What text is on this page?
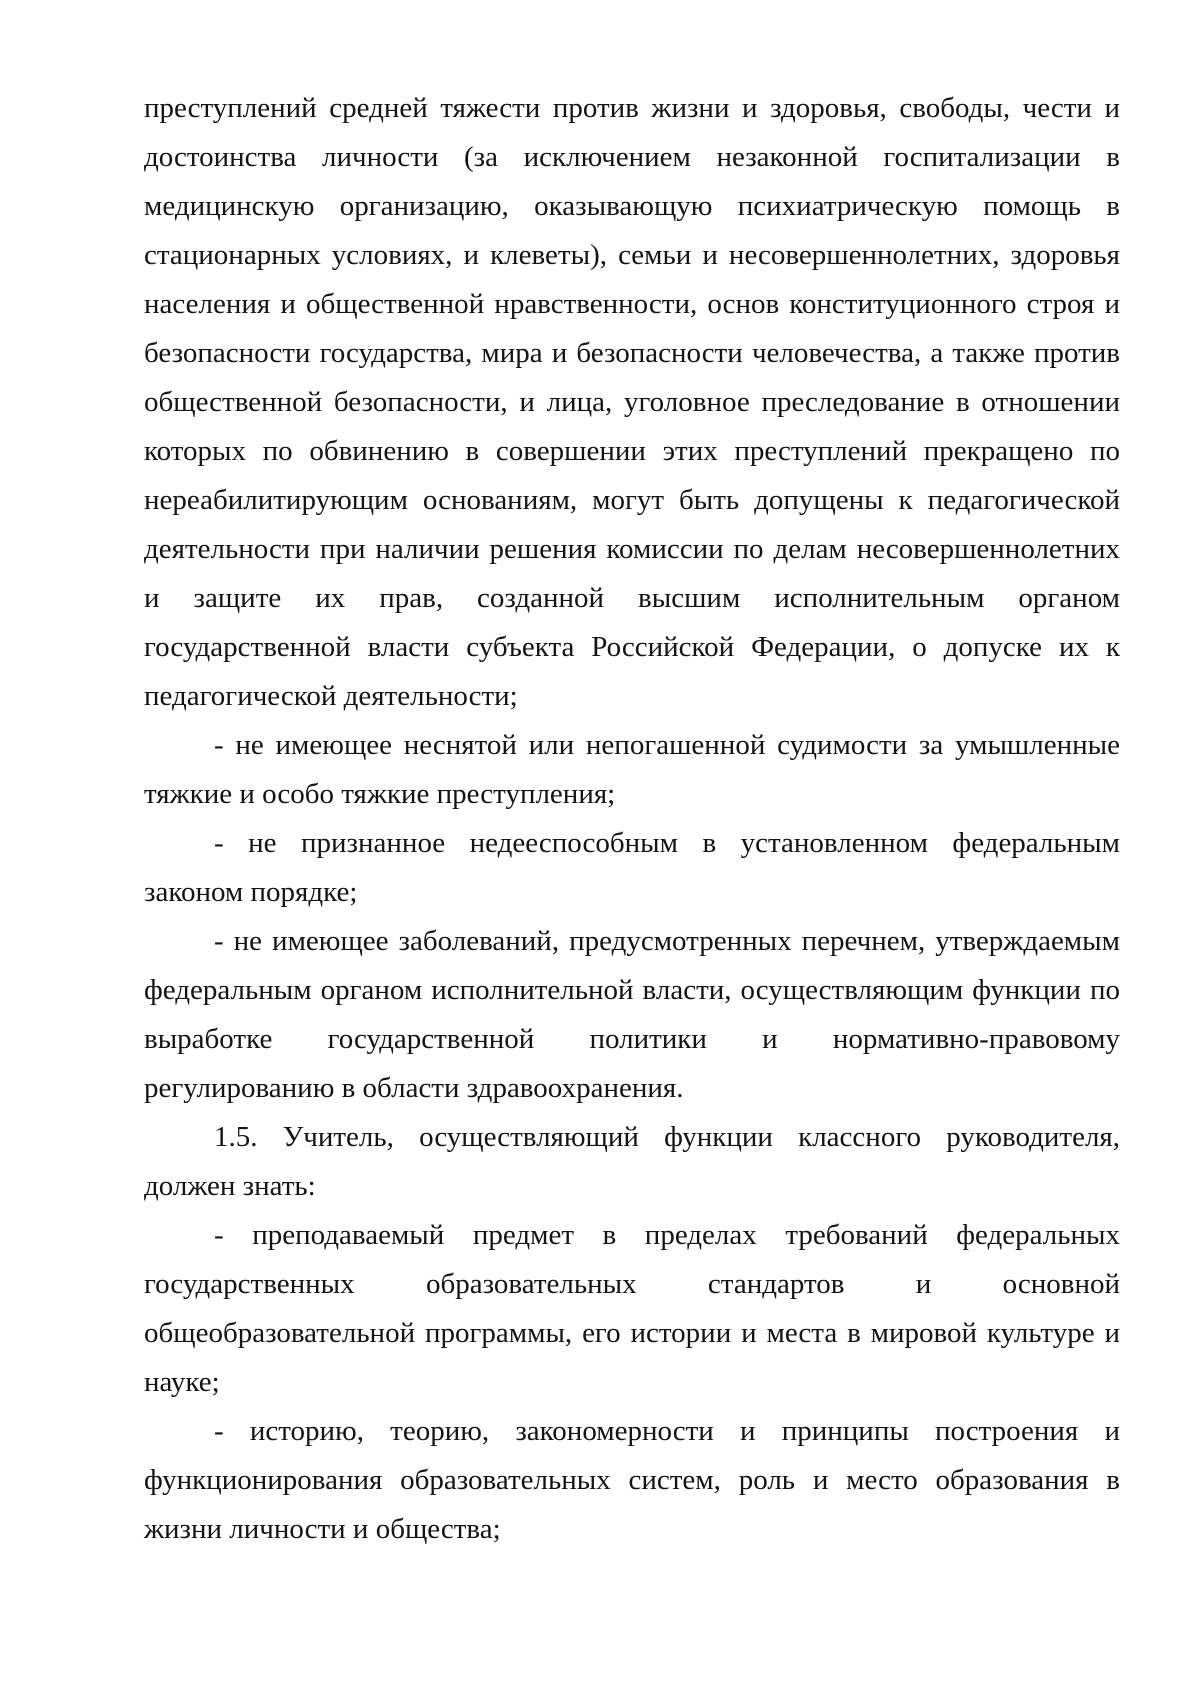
преступлений средней тяжести против жизни и здоровья, свободы, чести и достоинства личности (за исключением незаконной госпитализации в медицинскую организацию, оказывающую психиатрическую помощь в стационарных условиях, и клеветы), семьи и несовершеннолетних, здоровья населения и общественной нравственности, основ конституционного строя и безопасности государства, мира и безопасности человечества, а также против общественной безопасности, и лица, уголовное преследование в отношении которых по обвинению в совершении этих преступлений прекращено по нереабилитирующим основаниям, могут быть допущены к педагогической деятельности при наличии решения комиссии по делам несовершеннолетних и защите их прав, созданной высшим исполнительным органом государственной власти субъекта Российской Федерации, о допуске их к педагогической деятельности;

- не имеющее неснятой или непогашенной судимости за умышленные тяжкие и особо тяжкие преступления;

- не признанное недееспособным в установленном федеральным законом порядке;

- не имеющее заболеваний, предусмотренных перечнем, утверждаемым федеральным органом исполнительной власти, осуществляющим функции по выработке государственной политики и нормативно-правовому регулированию в области здравоохранения.

1.5. Учитель, осуществляющий функции классного руководителя, должен знать:

- преподаваемый предмет в пределах требований федеральных государственных образовательных стандартов и основной общеобразовательной программы, его истории и места в мировой культуре и науке;

- историю, теорию, закономерности и принципы построения и функционирования образовательных систем, роль и место образования в жизни личности и общества;
